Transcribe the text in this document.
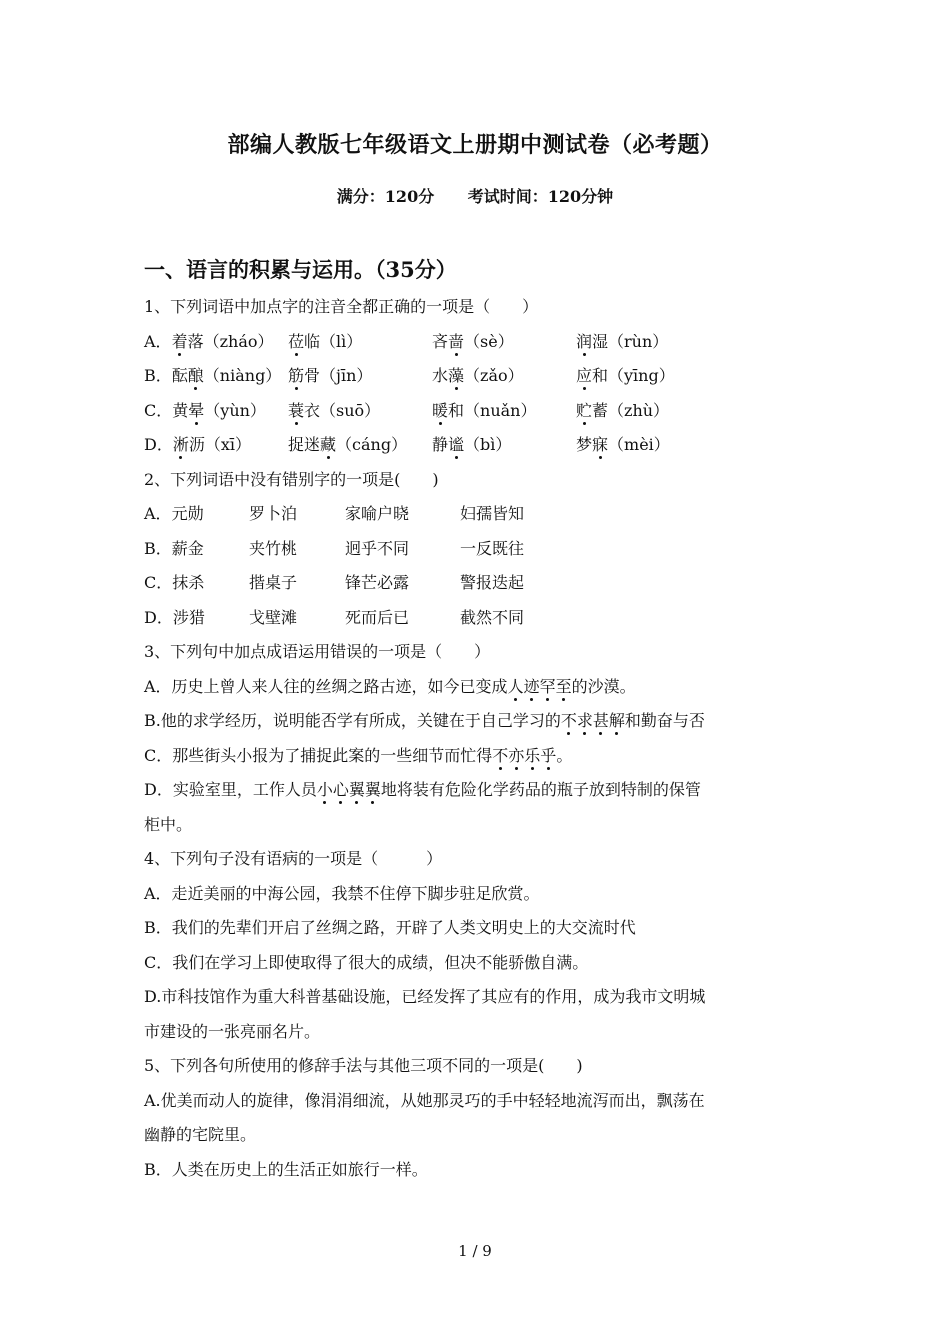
部编人教版七年级语文上册期中测试卷（必考题）
满分：120分 考试时间：120分钟
一、语言的积累与运用。（35分）
1、下列词语中加点字的注音全都正确的一项是（　　）
A．着落（zháo） 莅临（lì）	吝啬（sè）	润湿（rùn）
B．酝酿（niàng） 筋骨（jīn）	水藻（zǎo）	应和（yīng）
C．黄晕（yùn）	蓑衣（suō）	暖和（nuǎn）	贮蓄（zhù）
D．淅沥（xī）	捉迷藏（cáng）	静谧（bì）	梦寐（mèi）
2、下列词语中没有错别字的一项是(　　)
A．元勋	罗卜泊	家喻户晓	妇孺皆知
B．薪金	夹竹桃	迥乎不同	一反既往
C．抹杀	揩桌子	锋芒必露	警报迭起
D．涉猎	戈壁滩	死而后已	截然不同
3、下列句中加点成语运用错误的一项是（　　）
A．历史上曾人来人往的丝绸之路古迹，如今已变成人迹罕至的沙漠。
B.他的求学经历，说明能否学有所成，关键在于自己学习的不求甚解和勤奋与否
C．那些街头小报为了捕捉此案的一些细节而忙得不亦乐乎。
D．实验室里，工作人员小心翼翼地将装有危险化学药品的瓶子放到特制的保管
柜中。
4、下列句子没有语病的一项是（　　　）
A．走近美丽的中海公园，我禁不住停下脚步驻足欣赏。
B．我们的先辈们开启了丝绸之路，开辟了人类文明史上的大交流时代
C．我们在学习上即使取得了很大的成绩，但决不能骄傲自满。
D.市科技馆作为重大科普基础设施，已经发挥了其应有的作用，成为我市文明城
市建设的一张亮丽名片。
5、下列各句所使用的修辞手法与其他三项不同的一项是(　　)
A.优美而动人的旋律，像涓涓细流，从她那灵巧的手中轻轻地流泻而出，飘荡在
幽静的宅院里。
B．人类在历史上的生活正如旅行一样。
1 / 9
